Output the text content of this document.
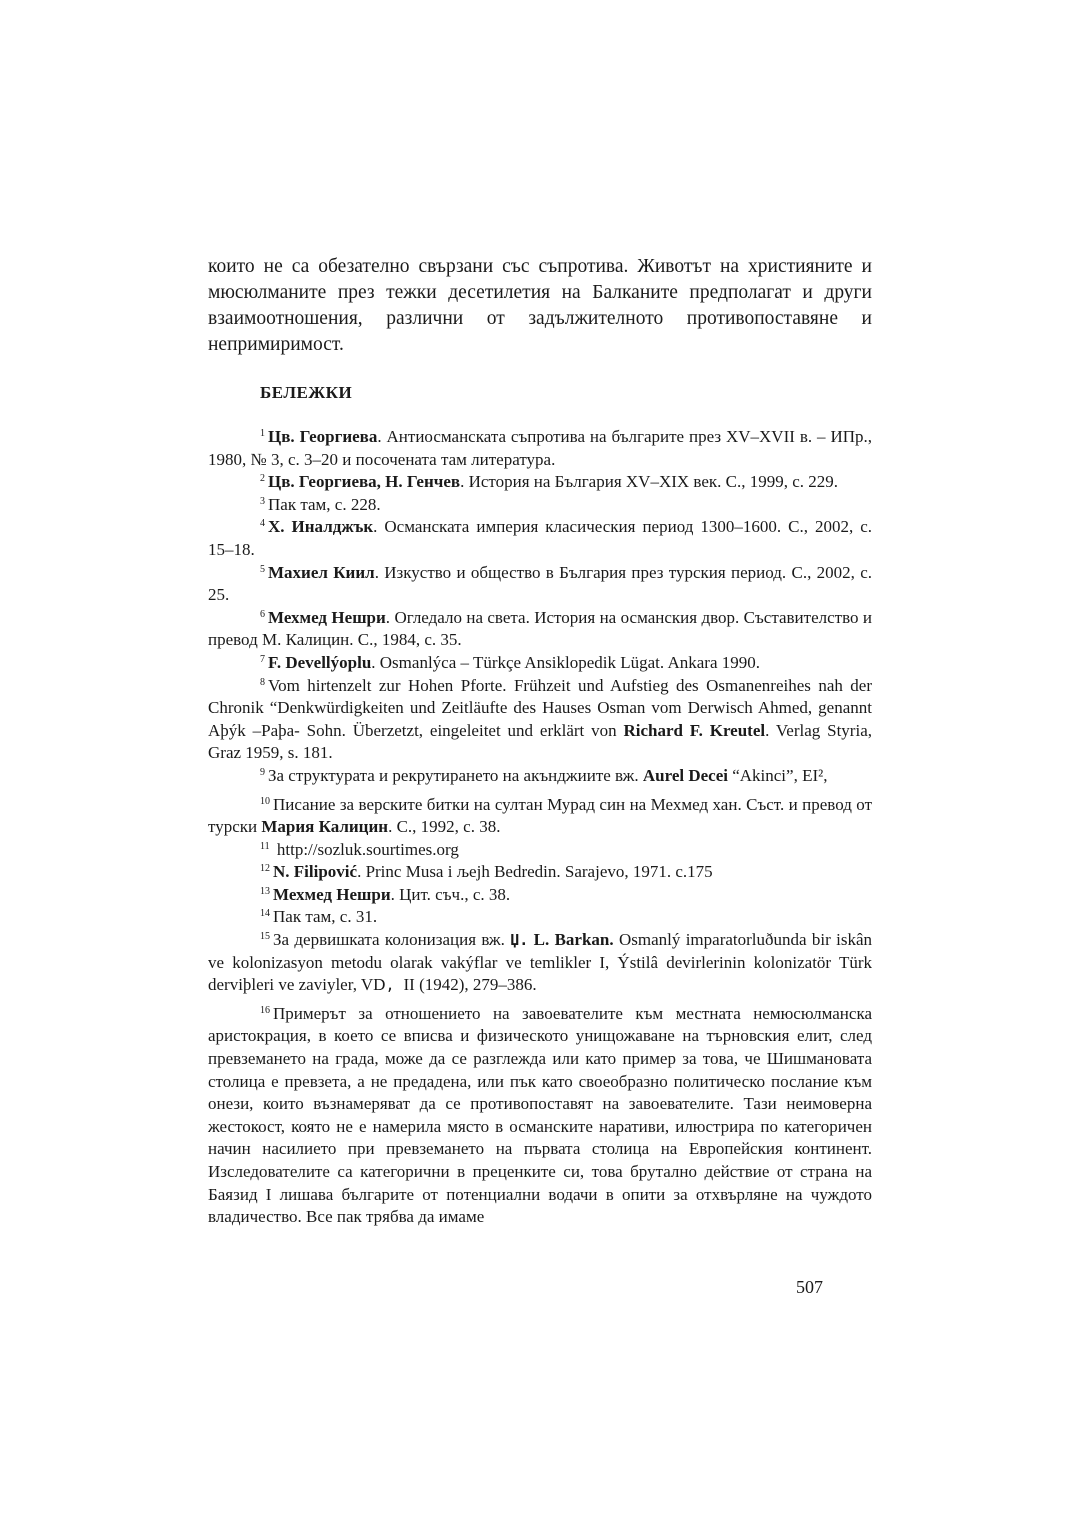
които не са обезателно свързани със съпротива. Животът на християните и мюсюлманите през тежки десетилетия на Балканите предполагат и други взаимоотношения, различни от задължителното противопоставяне и непримиримост.

БЕЛЕЖКИ

$^1$ Цв. Георгиева. Антиосманската съпротива на българите през XV–XVII в. – ИПр., 1980, № 3, с. 3–20 и посочената там литература.

$^2$ Цв. Георгиева, Н. Генчев. История на България XV–XIX век. С., 1999, с. 229.

$^3$ Пак там, с. 228.

$^4$ Х. Иналджък. Османската империя класическия период 1300–1600. С., 2002, с. 15–18.

$^5$ Махиел Киил. Изкуство и общество в България през турския период. С., 2002, с. 25.

$^6$ Мехмед Нешри. Огледало на света. История на османския двор. Съставителство и превод М. Калицин. С., 1984, с. 35.

$^7$ F. Devellýoplu. Osmanlýca – Türkçe Ansiklopedik Lügat. Ankara 1990.

$^8$ Vom hirtenzelt zur Hohen Pforte. Frühzeit und Aufstieg des Osmanenreihes nah der Chronik “Denkwürdigkeiten und Zeitläufte des Hauses Osman vom Derwisch Ahmed, genannt Aþýk –Paþa- Sohn. Überzetzt, eingeleitet und erklärt von Richard F. Kreutel. Verlag Styria, Graz 1959, s. 181.

$^9$ За структурата и рекрутирането на акънджиите вж. Aurel Decei “Akinci”, EI²,

$^{10}$ Писание за верските битки на султан Мурад син на Мехмед хан. Съст. и превод от турски Мария Калицин. С., 1992, с. 38.

$^{11}$ http://sozluk.sourtimes.org

$^{12}$ N. Filipović. Princ Musa i љejh Bedredin. Sarajevo, 1971. c.175

$^{13}$ Мехмед Нешри. Цит. съч., с. 38.

$^{14}$ Пак там, с. 31.

$^{15}$ За дервишката колонизация вж. Џ. L. Barkan. Osmanlý imparatorluðunda bir iskân ve kolonizasyon metodu olarak vakýflar ve temlikler I, Ýstilâ devirlerinin kolonizatör Türk derviþleri ve zaviyler, VD, II (1942), 279–386.

$^{16}$ Примерът за отношението на завоевателите към местната немюсюлманска аристокрация, в което се вписва и физическото унищожаване на търновския елит, след превземането на града, може да се разглежда или като пример за това, че Шишмановата столица е превзета, а не предадена, или пък като своеобразно политическо послание към онези, които възнамеряват да се противопоставят на завоевателите. Тази неимоверна жестокост, която не е намерила място в османските наративи, илюстрира по категоричен начин насилието при превземането на първата столица на Европейския континент. Изследователите са категорични в преценките си, това брутално действие от страна на Баязид I лишава българите от потенциални водачи в опити за отхвърляне на чуждото владичество. Все пак трябва да имаме

507
